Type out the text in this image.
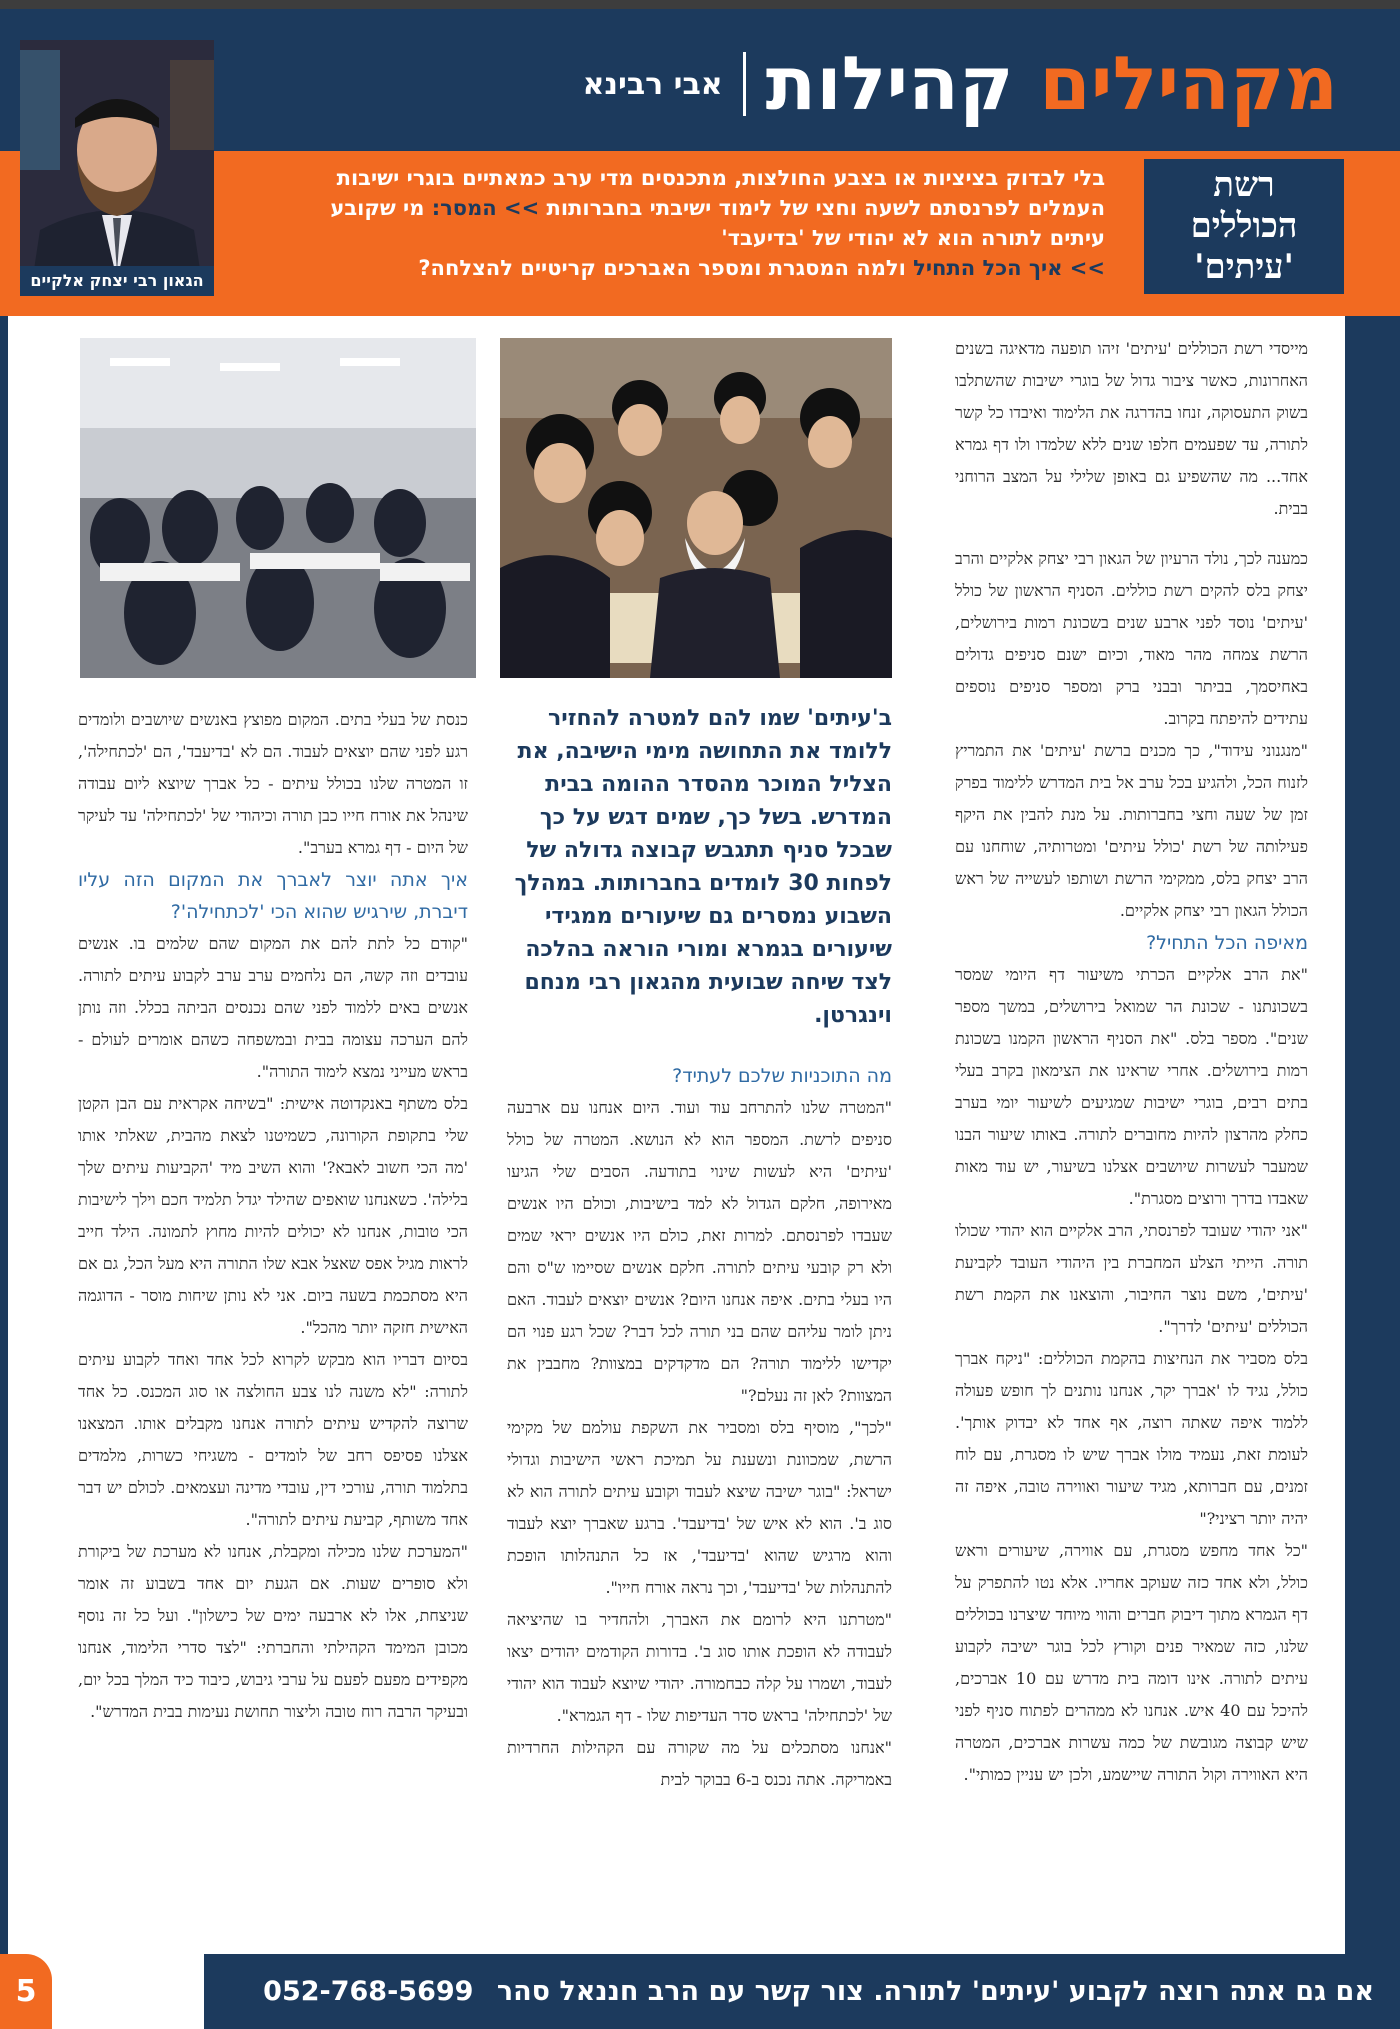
מקהילים קהילות
אבי רבינא
הגאון רבי יצחק אלקיים
רשת
הכוללים
'עיתים'
בלי לבדוק בציציות או בצבע החולצות, מתכנסים מדי ערב כמאתיים בוגרי ישיבות העמלים לפרנסתם לשעה וחצי של לימוד ישיבתי בחברותות >> המסר: מי שקובע עיתים לתורה הוא לא יהודי של 'בדיעבד'
>> איך הכל התחיל ולמה המסגרת ומספר האברכים קריטיים להצלחה?

מייסדי רשת הכוללים 'עיתים' זיהו תופעה מדאיגה בשנים האחרונות, כאשר ציבור גדול של בוגרי ישיבות שהשתלבו בשוק התעסוקה, זנחו בהדרגה את הלימוד ואיבדו כל קשר לתורה, עד שפעמים חלפו שנים ללא שלמדו ולו דף גמרא אחד... מה שהשפיע גם באופן שלילי על המצב הרוחני בבית.

כמענה לכך, נולד הרעיון של הגאון רבי יצחק אלקיים והרב יצחק בלס להקים רשת כוללים. הסניף הראשון של כולל 'עיתים' נוסד לפני ארבע שנים בשכונת רמות בירושלים, הרשת צמחה מהר מאוד, וכיום ישנם סניפים גדולים באחיסמך, בביתר ובבני ברק ומספר סניפים נוספים עתידים להיפתח בקרוב.

"מנגנוני עידוד", כך מכנים ברשת 'עיתים' את התמריץ לזנוח הכל, ולהגיע בכל ערב אל בית המדרש ללימוד בפרק זמן של שעה וחצי בחברותות. על מנת להבין את היקף פעילותה של רשת 'כולל עיתים' ומטרותיה, שוחחנו עם הרב יצחק בלס, ממקימי הרשת ושותפו לעשייה של ראש הכולל הגאון רבי יצחק אלקיים.

מאיפה הכל התחיל?

"את הרב אלקיים הכרתי משיעור דף היומי שמסר בשכונתנו - שכונת הר שמואל בירושלים, במשך מספר שנים". מספר בלס. "את הסניף הראשון הקמנו בשכונת רמות בירושלים. אחרי שראינו את הצימאון בקרב בעלי בתים רבים, בוגרי ישיבות שמגיעים לשיעור יומי בערב כחלק מהרצון להיות מחוברים לתורה. באותו שיעור הבנו שמעבר לעשרות שיושבים אצלנו בשיעור, יש עוד מאות שאבדו בדרך ורוצים מסגרת".

"אני יהודי שעובד לפרנסתי, הרב אלקיים הוא יהודי שכולו תורה. הייתי הצלע המחברת בין היהודי העובד לקביעת 'עיתים', משם נוצר החיבור, והוצאנו את הקמת רשת הכוללים 'עיתים' לדרך".

בלס מסביר את הנחיצות בהקמת הכוללים: "ניקח אברך כולל, נגיד לו 'אברך יקר, אנחנו נותנים לך חופש פעולה ללמוד איפה שאתה רוצה, אף אחד לא יבדוק אותך'. לעומת זאת, נעמיד מולו אברך שיש לו מסגרת, עם לוח זמנים, עם חברותא, מגיד שיעור ואווירה טובה, איפה זה יהיה יותר רציני?"

"כל אחד מחפש מסגרת, עם אווירה, שיעורים וראש כולל, ולא אחד כזה שעוקב אחריו. אלא נטו להתפרק על דף הגמרא מתוך דיבוק חברים והווי מיוחד שיצרנו בכוללים שלנו, כזה שמאיר פנים וקורץ לכל בוגר ישיבה לקבוע עיתים לתורה. אינו דומה בית מדרש עם 10 אברכים, להיכל עם 40 איש. אנחנו לא ממהרים לפתוח סניף לפני שיש קבוצה מגובשת של כמה עשרות אברכים, המטרה היא האווירה וקול התורה שיישמע, ולכן יש עניין כמותי".

ב'עיתים' שמו להם למטרה להחזיר ללומד את התחושה מימי הישיבה, את הצליל המוכר מהסדר ההומה בבית המדרש. בשל כך, שמים דגש על כך שבכל סניף תתגבש קבוצה גדולה של לפחות 30 לומדים בחברותות. במהלך השבוע נמסרים גם שיעורים ממגידי שיעורים בגמרא ומורי הוראה בהלכה לצד שיחה שבועית מהגאון רבי מנחם וינגרטן.

מה התוכניות שלכם לעתיד?

"המטרה שלנו להתרחב עוד ועוד. היום אנחנו עם ארבעה סניפים לרשת. המספר הוא לא הנושא. המטרה של כולל 'עיתים' היא לעשות שינוי בתודעה. הסבים שלי הגיעו מאירופה, חלקם הגדול לא למד בישיבות, וכולם היו אנשים שעבדו לפרנסתם. למרות זאת, כולם היו אנשים יראי שמים ולא רק קובעי עיתים לתורה. חלקם אנשים שסיימו ש"ס והם היו בעלי בתים. איפה אנחנו היום? אנשים יוצאים לעבוד. האם ניתן לומר עליהם שהם בני תורה לכל דבר? שכל רגע פנוי הם יקדישו ללימוד תורה? הם מדקדקים במצוות? מחבבין את המצוות? לאן זה נעלם?"

"לכך", מוסיף בלס ומסביר את השקפת עולמם של מקימי הרשת, שמכוונת ונשענת על תמיכת ראשי הישיבות וגדולי ישראל: "בוגר ישיבה שיצא לעבוד וקובע עיתים לתורה הוא לא סוג ב'. הוא לא איש של 'בדיעבד'. ברגע שאברך יוצא לעבוד והוא מרגיש שהוא 'בדיעבד', אז כל התנהלותו הופכת להתנהלות של 'בדיעבד', וכך נראה אורח חייו".

"מטרתנו היא לרומם את האברך, ולהחדיר בו שהיציאה לעבודה לא הופכת אותו סוג ב'. בדורות הקודמים יהודים יצאו לעבוד, ושמרו על קלה כבחמורה. יהודי שיוצא לעבוד הוא יהודי של 'לכתחילה' בראש סדר העדיפות שלו - דף הגמרא".

"אנחנו מסתכלים על מה שקורה עם הקהילות החרדיות באמריקה. אתה נכנס ב-6 בבוקר לבית

כנסת של בעלי בתים. המקום מפוצץ באנשים שיושבים ולומדים רגע לפני שהם יוצאים לעבוד. הם לא 'בדיעבד', הם 'לכתחילה', זו המטרה שלנו בכולל עיתים - כל אברך שיוצא ליום עבודה שינהל את אורח חייו כבן תורה וכיהודי של 'לכתחילה' עד לעיקר של היום - דף גמרא בערב".

איך אתה יוצר לאברך את המקום הזה עליו דיברת, שירגיש שהוא הכי 'לכתחילה'?

"קודם כל לתת להם את המקום שהם שלמים בו. אנשים עובדים וזה קשה, הם נלחמים ערב ערב לקבוע עיתים לתורה. אנשים באים ללמוד לפני שהם נכנסים הביתה בכלל. וזה נותן להם הערכה עצומה בבית ובמשפחה כשהם אומרים לעולם - בראש מעייני נמצא לימוד התורה".

בלס משתף באנקדוטה אישית: "בשיחה אקראית עם הבן הקטן שלי בתקופת הקורונה, כשמיטנו לצאת מהבית, שאלתי אותו 'מה הכי חשוב לאבא?' והוא השיב מיד 'הקביעות עיתים שלך בלילה'. כשאנחנו שואפים שהילד יגדל תלמיד חכם וילך לישיבות הכי טובות, אנחנו לא יכולים להיות מחוץ לתמונה. הילד חייב לראות מגיל אפס שאצל אבא שלו התורה היא מעל הכל, גם אם היא מסתכמת בשעה ביום. אני לא נותן שיחות מוסר - הדוגמה האישית חזקה יותר מהכל".

בסיום דבריו הוא מבקש לקרוא לכל אחד ואחד לקבוע עיתים לתורה: "לא משנה לנו צבע החולצה או סוג המכנס. כל אחד שרוצה להקדיש עיתים לתורה אנחנו מקבלים אותו. המצאנו אצלנו פסיפס רחב של לומדים - משגיחי כשרות, מלמדים בתלמוד תורה, עורכי דין, עובדי מדינה ועצמאים. לכולם יש דבר אחד משותף, קביעת עיתים לתורה".

"המערכת שלנו מכילה ומקבלת, אנחנו לא מערכת של ביקורת ולא סופרים שעות. אם הגעת יום אחד בשבוע זה אומר שניצחת, אלו לא ארבעה ימים של כישלון". ועל כל זה נוסף מכובן המימד הקהילתי והחברתי: "לצד סדרי הלימוד, אנחנו מקפידים מפעם לפעם על ערבי גיבוש, כיבוד כיד המלך בכל יום, ובעיקר הרבה רוח טובה וליצור תחושת נעימות בבית המדרש".

אם גם אתה רוצה לקבוע 'עיתים' לתורה. צור קשר עם הרב חננאל סהר 052-768-5699
5
